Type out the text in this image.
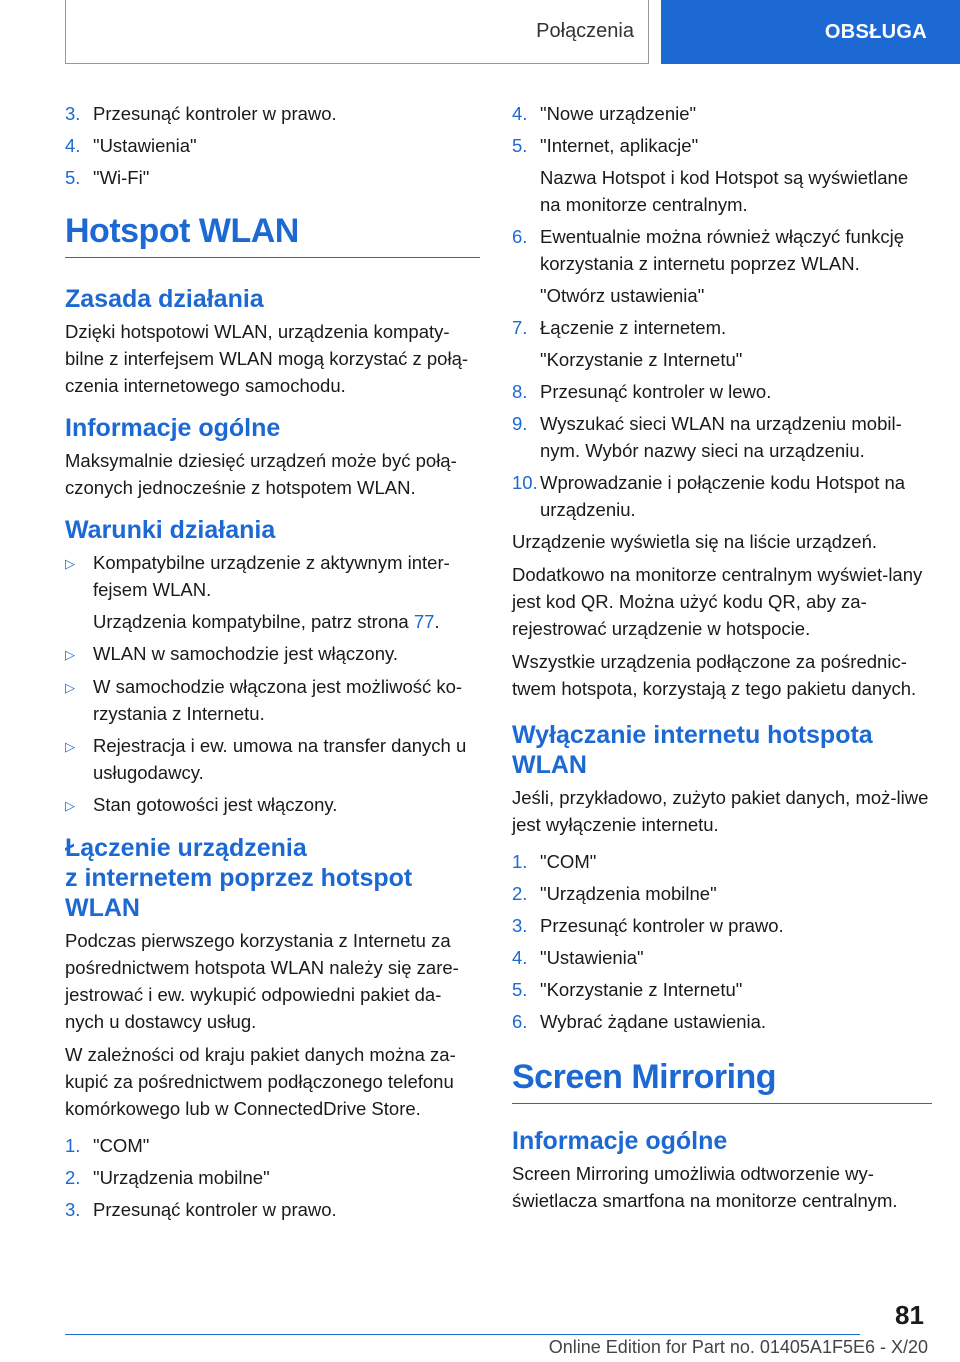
Połączenia	OBSŁUGA
3. Przesunąć kontroler w prawo.
4. "Ustawienia"
5. "Wi-Fi"
Hotspot WLAN
Zasada działania

Dzięki hotspotowi WLAN, urządzenia kompaty‐bilne z interfejsem WLAN mogą korzystać z połą‐czenia internetowego samochodu.

Informacje ogólne

Maksymalnie dziesięć urządzeń może być połą‐czonych jednocześnie z hotspotem WLAN.

Warunki działania
▷ Kompatybilne urządzenie z aktywnym inter‐fejsem WLAN.
Urządzenia kompatybilne, patrz strona 77.
▷ WLAN w samochodzie jest włączony.
▷ W samochodzie włączona jest możliwość ko‐rzystania z Internetu.
▷ Rejestracja i ew. umowa na transfer danych u usługodawcy.
▷ Stan gotowości jest włączony.
Łączenie urządzenia
z internetem poprzez hotspot
WLAN

Podczas pierwszego korzystania z Internetu za pośrednictwem hotspota WLAN należy się zare‐jestrować i ew. wykupić odpowiedni pakiet da‐nych u dostawcy usług.

W zależności od kraju pakiet danych można za‐kupić za pośrednictwem podłączonego telefonu komórkowego lub w ConnectedDrive Store.

1. "COM"
2. "Urządzenia mobilne"
3. Przesunąć kontroler w prawo.
4. "Nowe urządzenie"
5. "Internet, aplikacje"
Nazwa Hotspot i kod Hotspot są wyświetlane na monitorze centralnym.
6. Ewentualnie można również włączyć funkcję korzystania z internetu poprzez WLAN.
"Otwórz ustawienia"
7. Łączenie z internetem.
"Korzystanie z Internetu"
8. Przesunąć kontroler w lewo.
9. Wyszukać sieci WLAN na urządzeniu mobil‐nym. Wybór nazwy sieci na urządzeniu.
10. Wprowadzanie i połączenie kodu Hotspot na urządzeniu.

Urządzenie wyświetla się na liście urządzeń.

Dodatkowo na monitorze centralnym wyświet‐lany jest kod QR. Można użyć kodu QR, aby za‐rejestrować urządzenie w hotspocie.

Wszystkie urządzenia podłączone za pośrednic‐twem hotspota, korzystają z tego pakietu danych.

Wyłączanie internetu hotspota
WLAN

Jeśli, przykładowo, zużyto pakiet danych, moż‐liwe jest wyłączenie internetu.

1. "COM"
2. "Urządzenia mobilne"
3. Przesunąć kontroler w prawo.
4. "Ustawienia"
5. "Korzystanie z Internetu"
6. Wybrać żądane ustawienia.
Screen Mirroring
Informacje ogólne

Screen Mirroring umożliwia odtworzenie wy‐świetlacza smartfona na monitorze centralnym.

81
Online Edition for Part no. 01405A1F5E6 - X/20
